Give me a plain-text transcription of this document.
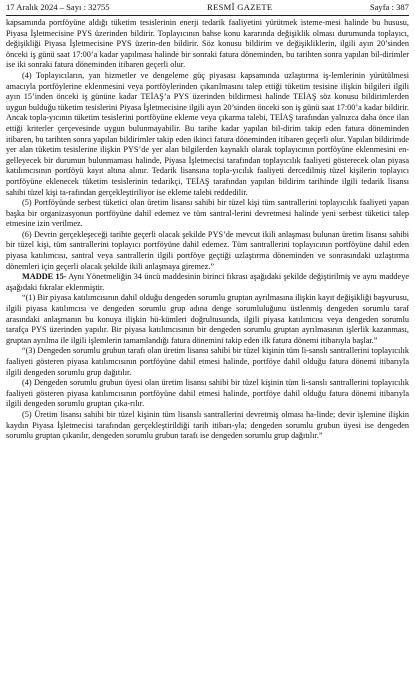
17 Aralık 2024 – Sayı : 32755	RESMÎ GAZETE	Sayfa : 387

kapsamında portföyüne aldığı tüketim tesislerinin enerji tedarik faaliyetini yürütmek isteme-mesi halinde bu hususu, Piyasa İşletmecisine PYS üzerinden bildirir. Toplayıcının bahse konu kararında değişiklik olması durumunda toplayıcı, değişikliği Piyasa İşletmecisine PYS üzerin-den bildirir. Söz konusu bildirim ve değişikliklerin, ilgili ayın 20’sinden önceki iş günü saat 17:00’a kadar yapılması halinde bir sonraki fatura döneminden, bu tarihten sonra yapılan bil-dirimler ise iki sonraki fatura döneminden itibaren geçerli olur.

(4) Toplayıcıların, yan hizmetler ve dengeleme güç piyasası kapsamında uzlaştırma iş-lemlerinin yürütülmesi amacıyla portföylerine eklenmesini veya portföylerinden çıkarılmasını talep ettiği tüketim tesisine ilişkin bilgileri ilgili ayın 15’inden önceki iş gününe kadar TEİAŞ’a PYS üzerinden bildirmesi halinde TEİAŞ söz konusu bildirimlerden uygun bulduğu tüketim tesislerini Piyasa İşletmecisine ilgili ayın 20’sinden önceki son iş günü saat 17:00’a kadar bildirir. Ancak topla-yıcının tüketim tesislerini portföyüne ekleme veya çıkarma talebi, TEİAŞ tarafından yalnızca daha önce ilan ettiği kriterler çerçevesinde uygun bulunmayabilir. Bu tarihe kadar yapılan bil-dirim takip eden fatura döneminden itibaren, bu tarihten sonra yapılan bildirimler takip eden ikinci fatura döneminden itibaren geçerli olur. Yapılan bildirimde yer alan tüketim tesislerine ilişkin PYS’de yer alan bilgilerden kaynaklı olarak toplayıcının portföyüne eklenmesini en-gelleyecek bir durumun bulunmaması halinde, Piyasa İşletmecisi tarafından toplayıcılık faaliyeti gösterecek olan piyasa katılımcısının portföyü kayıt altına alınır. Tedarik lisansına topla-yıcılık faaliyeti dercedilmiş tüzel kişilerin toplayıcı portföyüne eklenecek tüketim tesislerinin tedarikçi, TEİAŞ tarafından yapılan bildirim tarihinde ilgili tedarik lisansı sahibi tüzel kişi ta-rafından gerçekleştiriliyor ise ekleme talebi reddedilir.

(5) Portföyünde serbest tüketici olan üretim lisansı sahibi bir tüzel kişi tüm santrallerini toplayıcılık faaliyeti yapan başka bir organizasyonun portföyüne dahil edemez ve tüm santral-lerini devretmesi halinde yeni serbest tüketici talep etmesine izin verilmez.

(6) Devrin gerçekleşeceği tarihte geçerli olacak şekilde PYS’de mevcut ikili anlaşması bulunan üretim lisansı sahibi bir tüzel kişi, tüm santrallerini toplayıcı portföyüne dahil edemez. Tüm santrallerini toplayıcının portföyüne dahil eden piyasa katılımcısı, santral veya santrallerin ilgili portföye geçtiği uzlaştırma döneminden ve sonrasındaki uzlaştırma dönemleri için geçerli olacak şekilde ikili anlaşmaya giremez.”

MADDE 15- Aynı Yönetmeliğin 34 üncü maddesinin birinci fıkrası aşağıdaki şekilde değiştirilmiş ve aynı maddeye aşağıdaki fıkralar eklenmiştir.

“(1) Bir piyasa katılımcısının dahil olduğu dengeden sorumlu gruptan ayrılmasına ilişkin kayıt değişikliği başvurusu, ilgili piyasa katılımcısı ve dengeden sorumlu grup adına denge sorumluluğunu üstlenmiş dengeden sorumlu taraf arasındaki anlaşmanın bu konuya ilişkin hü-kümleri doğrultusunda, ilgili piyasa katılımcısı veya dengeden sorumlu tarafça PYS üzerinden yapılır. Bir piyasa katılımcısının bir dengeden sorumlu gruptan ayrılmasının işlerlik kazanması, gruptan ayrılma ile ilgili işlemlerin tamamlandığı fatura dönemini takip eden ilk fatura dönemi itibarıyla başlar.”

“(3) Dengeden sorumlu grubun tarafı olan üretim lisansı sahibi bir tüzel kişinin tüm li-sanslı santrallerini toplayıcılık faaliyeti gösteren piyasa katılımcısının portföyüne dahil etmesi halinde, portföye dahil olduğu fatura dönemi itibarıyla ilgili dengeden sorumlu grup dağıtılır.

(4) Dengeden sorumlu grubun üyesi olan üretim lisansı sahibi bir tüzel kişinin tüm li-sanslı santrallerini toplayıcılık faaliyeti gösteren piyasa katılımcısının portföyüne dahil etmesi halinde, portföye dahil olduğu fatura dönemi itibarıyla ilgili dengeden sorumlu gruptan çıka-rılır.

(5) Üretim lisansı sahibi bir tüzel kişinin tüm lisanslı santrallerini devretmiş olması ha-linde; devir işlemine ilişkin kaydın Piyasa İşletmecisi tarafından gerçekleştirildiği tarih itibarı-yla; dengeden sorumlu grubun üyesi ise dengeden sorumlu gruptan çıkarılır, dengeden sorumlu grubun tarafı ise dengeden sorumlu grup dağıtılır.”
